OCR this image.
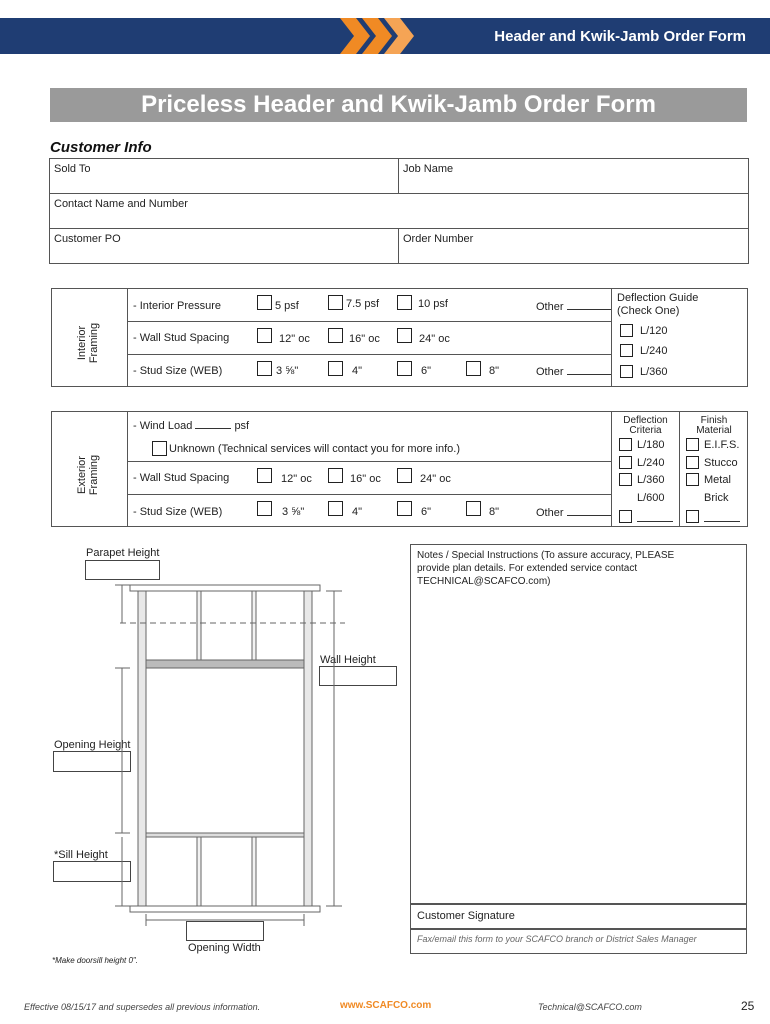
Header and Kwik-Jamb Order Form
Priceless Header and Kwik-Jamb Order Form
Customer Info
Sold To	Job Name
Contact Name and Number
Customer PO	Order Number
Interior
Framing
- Interior Pressure	5 psf	7.5 psf	10 psf	Other
- Wall Stud Spacing	12" oc	16" oc	24" oc
- Stud Size (WEB)	3 ⅝"	4"	6"	8"	Other
Deflection Guide
(Check One)
L/120
L/240
L/360
Exterior
Framing
- Wind Load	psf
Unknown (Technical services will contact you for more info.)
- Wall Stud Spacing	12" oc	16" oc	24" oc
- Stud Size (WEB)	3 ⅝"	4"	6"	8"	Other
Deflection
Criteria
L/180
L/240
L/360
L/600
Finish
Material
E.I.F.S.
Stucco
Metal
Brick
Parapet Height
Wall Height
Opening Height
*Sill Height
Opening Width
*Make doorsill height 0".
Notes / Special Instructions (To assure accuracy, PLEASE
provide plan details. For extended service contact
TECHNICAL@SCAFCO.com)
Customer Signature
Fax/email this form to your SCAFCO branch or District Sales Manager
Effective 08/15/17 and supersedes all previous information.	www.SCAFCO.com	Technical@SCAFCO.com	25
